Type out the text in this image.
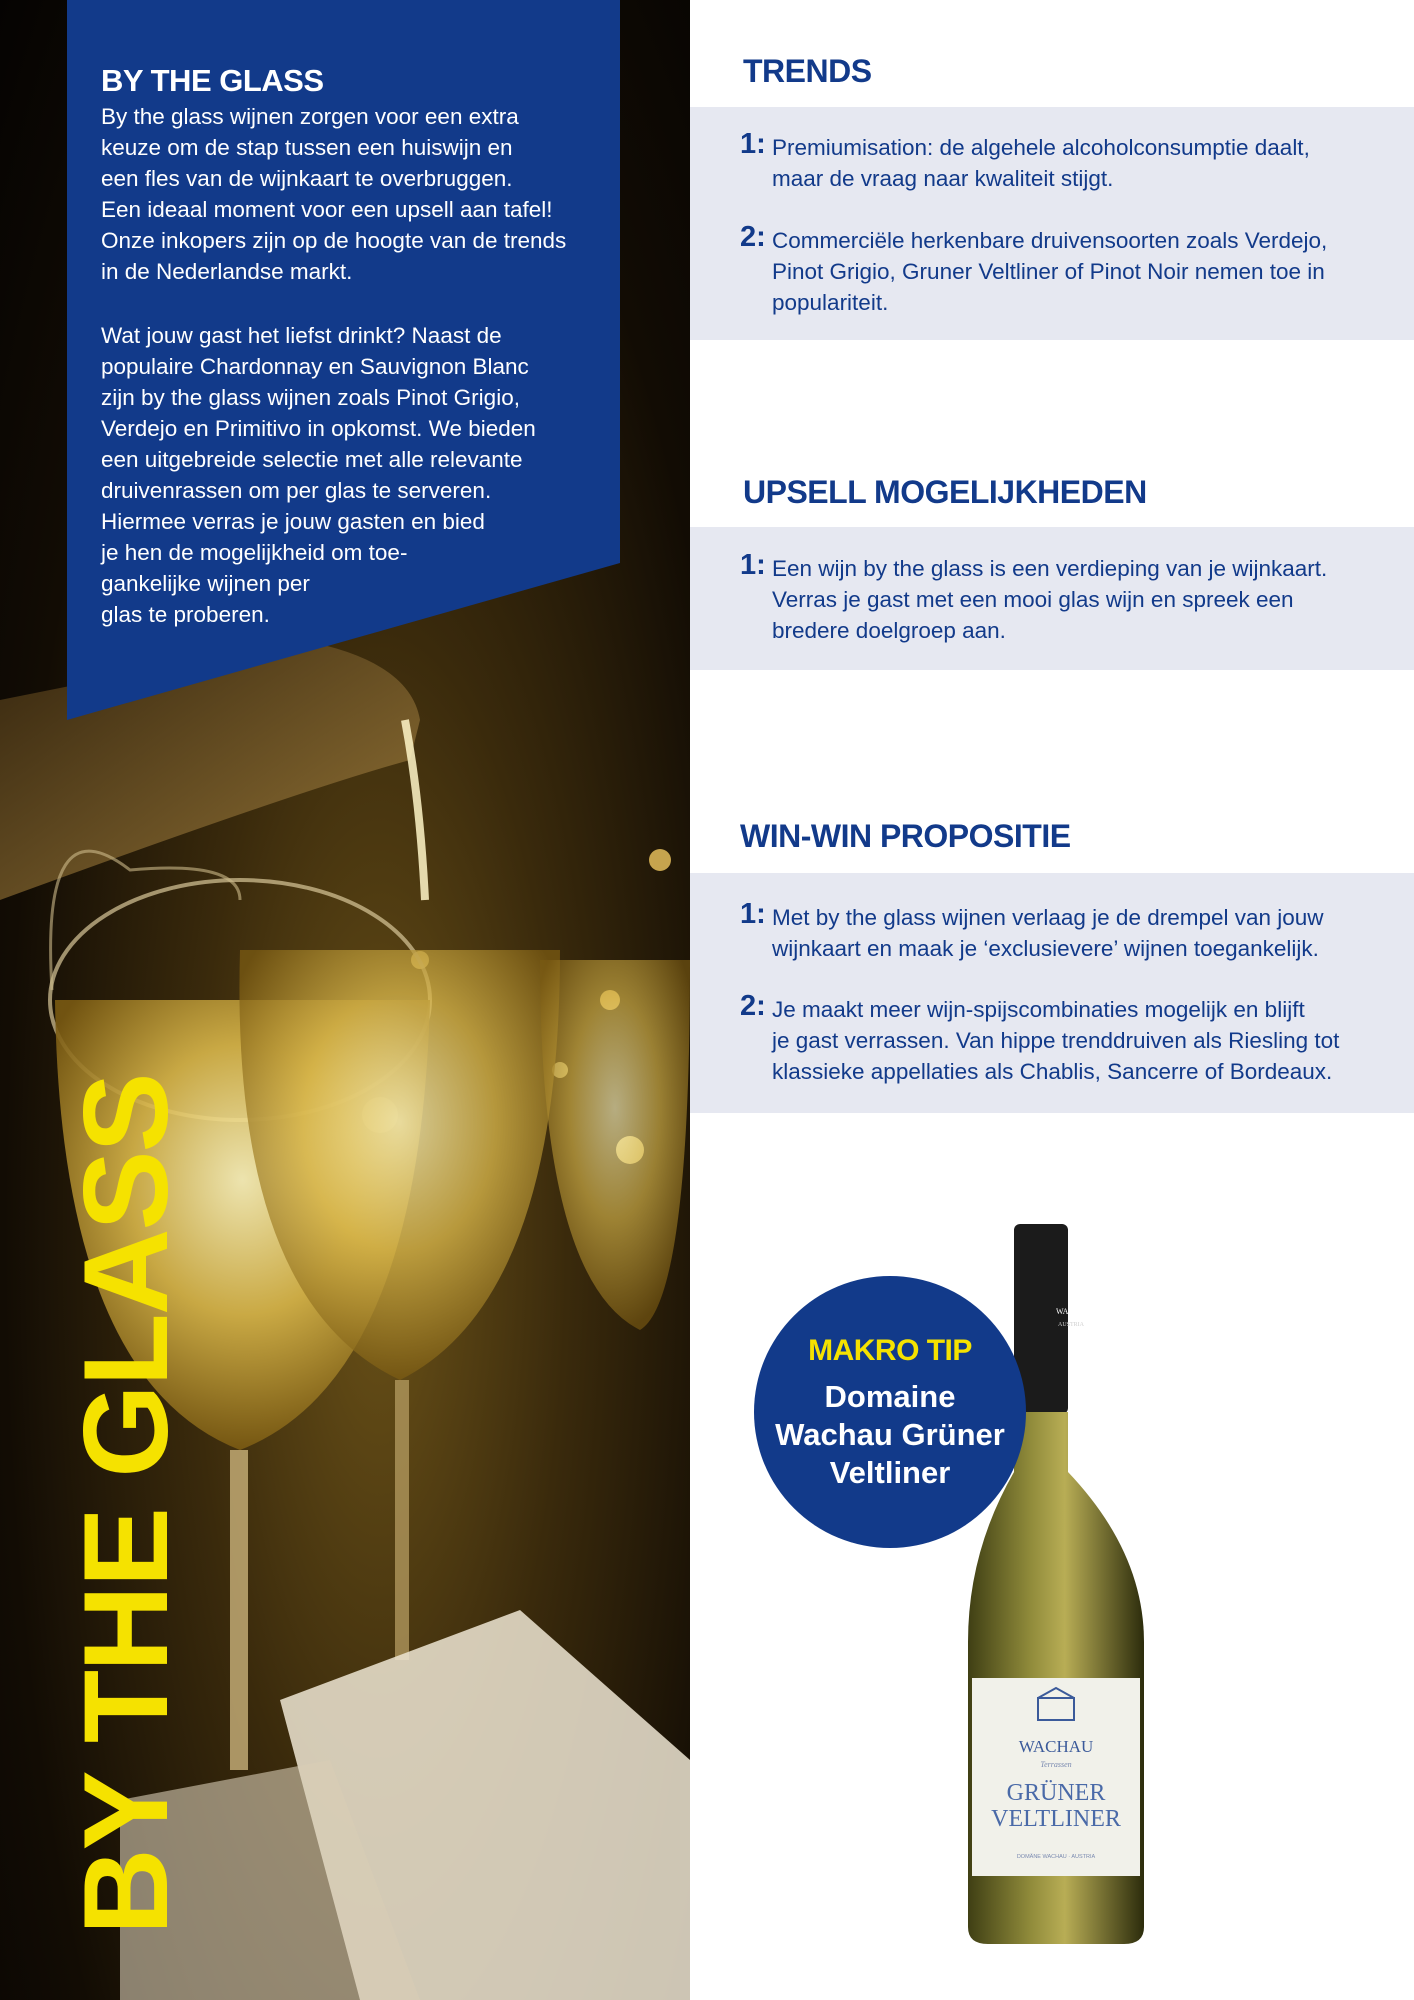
BY THE GLASS
By the glass wijnen zorgen voor een extra
keuze om de stap tussen een huiswijn en
een fles van de wijnkaart te overbruggen.
Een ideaal moment voor een upsell aan tafel!
Onze inkopers zijn op de hoogte van de trends
in de Nederlandse markt.
Wat jouw gast het liefst drinkt? Naast de
populaire Chardonnay en Sauvignon Blanc
zijn by the glass wijnen zoals Pinot Grigio,
Verdejo en Primitivo in opkomst. We bieden
een uitgebreide selectie met alle relevante
druivenrassen om per glas te serveren.
Hiermee verras je jouw gasten en bied
je hen de mogelijkheid om toe-
gankelijke wijnen per
glas te proberen.
BY THE GLASS
TRENDS
1: Premiumisation: de algehele alcoholconsumptie daalt,
maar de vraag naar kwaliteit stijgt.
2: Commerciële herkenbare druivensoorten zoals Verdejo,
Pinot Grigio, Gruner Veltliner of Pinot Noir nemen toe in
populariteit.
UPSELL MOGELIJKHEDEN
1: Een wijn by the glass is een verdieping van je wijnkaart.
Verras je gast met een mooi glas wijn en spreek een
bredere doelgroep aan.
WIN-WIN PROPOSITIE
1: Met by the glass wijnen verlaag je de drempel van jouw
wijnkaart en maak je ‘exclusievere’ wijnen toegankelijk.
2: Je maakt meer wijn-spijscombinaties mogelijk en blijft
je gast verrassen. Van hippe trenddruiven als Riesling tot
klassieke appellaties als Chablis, Sancerre of Bordeaux.
WACHAU
AUSTRIA
WACHAU
Terrassen
GRÜNER
VELTLINER
DOMÄNE WACHAU · AUSTRIA
MAKRO TIP
Domaine
Wachau Grüner
Veltliner
